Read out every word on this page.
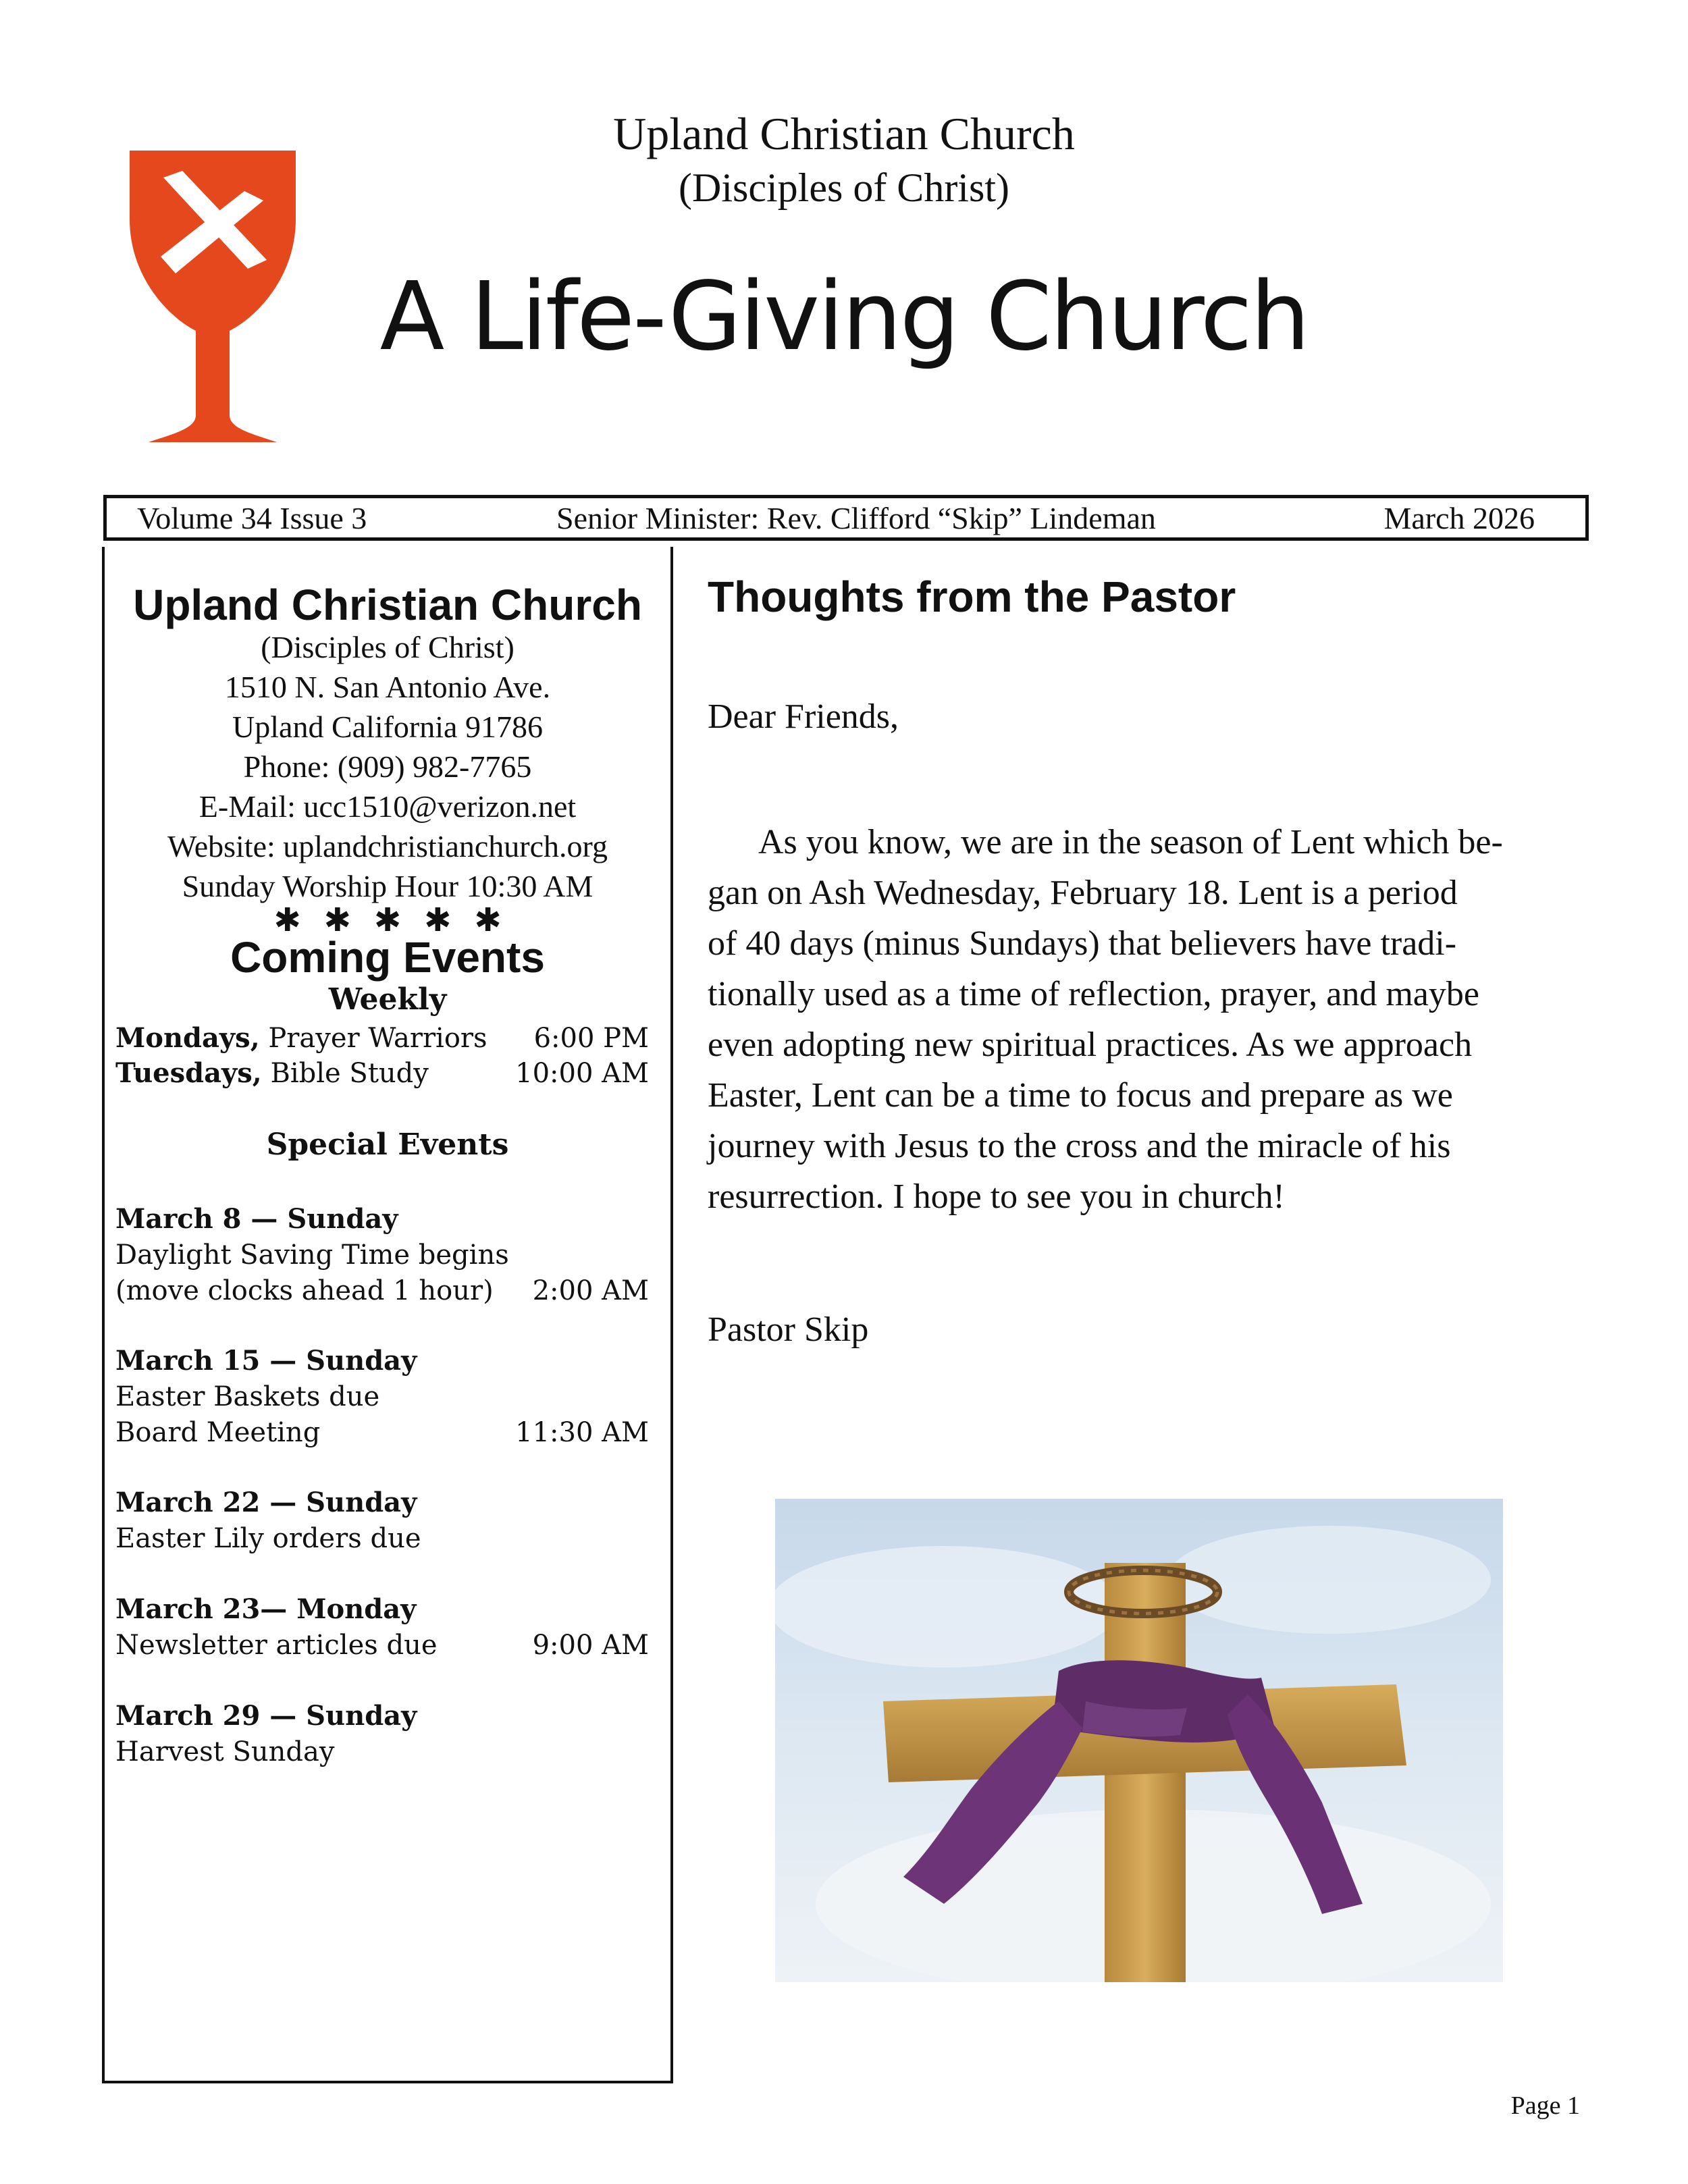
Upland Christian Church
(Disciples of Christ)
A Life-Giving Church
Volume 34 Issue 3	Senior Minister: Rev. Clifford “Skip” Lindeman	March 2026
Upland Christian Church
(Disciples of Christ)
1510 N. San Antonio Ave.
Upland California 91786
Phone: (909) 982-7765
E-Mail: ucc1510@verizon.net
Website: uplandchristianchurch.org
Sunday Worship Hour 10:30 AM
✱✱✱✱✱
Coming Events
Weekly
Mondays, Prayer Warriors 6:00 PM
Tuesdays, Bible Study	10:00 AM
Special Events
March 8 — Sunday
Daylight Saving Time begins
(move clocks ahead 1 hour) 2:00 AM
March 15 — Sunday
Easter Baskets due
Board Meeting	11:30 AM
March 22 — Sunday
Easter Lily orders due
March 23— Monday
Newsletter articles due	9:00 AM
March 29 — Sunday
Harvest Sunday
Thoughts from the Pastor
Dear Friends,
As you know, we are in the season of Lent which be-
gan on Ash Wednesday, February 18. Lent is a period
of 40 days (minus Sundays) that believers have tradi-
tionally used as a time of reflection, prayer, and maybe
even adopting new spiritual practices. As we approach
Easter, Lent can be a time to focus and prepare as we
journey with Jesus to the cross and the miracle of his
resurrection. I hope to see you in church!
Pastor Skip
Page 1
